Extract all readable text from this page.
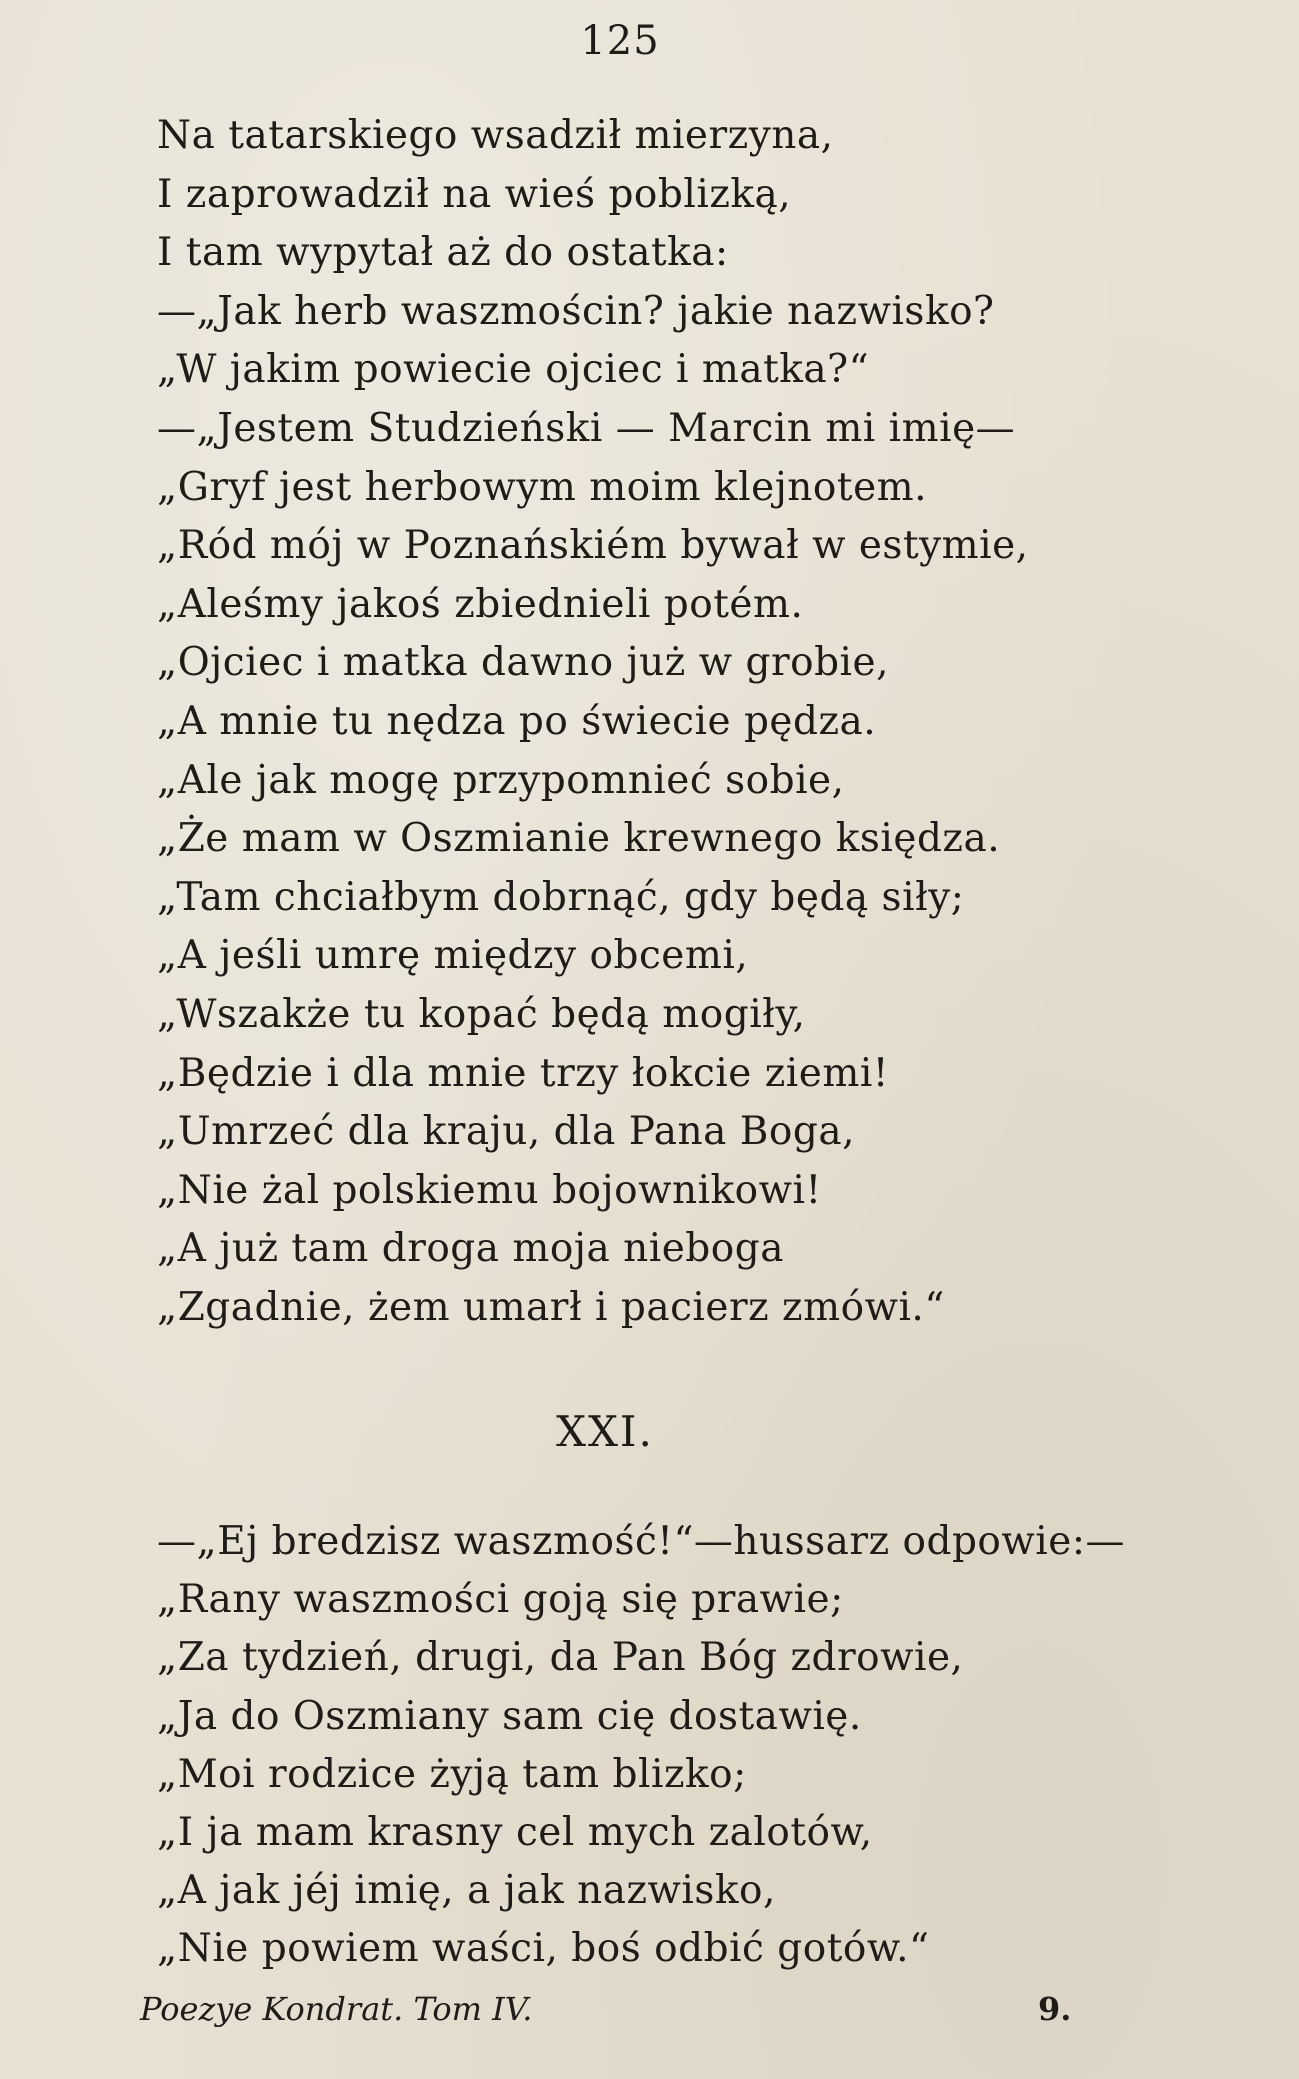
125
Na tatarskiego wsadził mierzyna,
I zaprowadził na wieś poblizką,
I tam wypytał aż do ostatka:
—„Jak herb waszmościn? jakie nazwisko?
„W jakim powiecie ojciec i matka?“
—„Jestem Studzieński — Marcin mi imię—
„Gryf jest herbowym moim klejnotem.
„Ród mój w Poznańskiém bywał w estymie,
„Aleśmy jakoś zbiednieli potém.
„Ojciec i matka dawno już w grobie,
„A mnie tu nędza po świecie pędza.
„Ale jak mogę przypomnieć sobie,
„Że mam w Oszmianie krewnego księdza.
„Tam chciałbym dobrnąć, gdy będą siły;
„A jeśli umrę między obcemi,
„Wszakże tu kopać będą mogiły,
„Będzie i dla mnie trzy łokcie ziemi!
„Umrzeć dla kraju, dla Pana Boga,
„Nie żal polskiemu bojownikowi!
„A już tam droga moja nieboga
„Zgadnie, żem umarł i pacierz zmówi.“
XXI.
—„Ej bredzisz waszmość!“—hussarz odpowie:—
„Rany waszmości goją się prawie;
„Za tydzień, drugi, da Pan Bóg zdrowie,
„Ja do Oszmiany sam cię dostawię.
„Moi rodzice żyją tam blizko;
„I ja mam krasny cel mych zalotów,
„A jak jéj imię, a jak nazwisko,
„Nie powiem waści, boś odbić gotów.“
Poezye Kondrat. Tom IV.	9.
